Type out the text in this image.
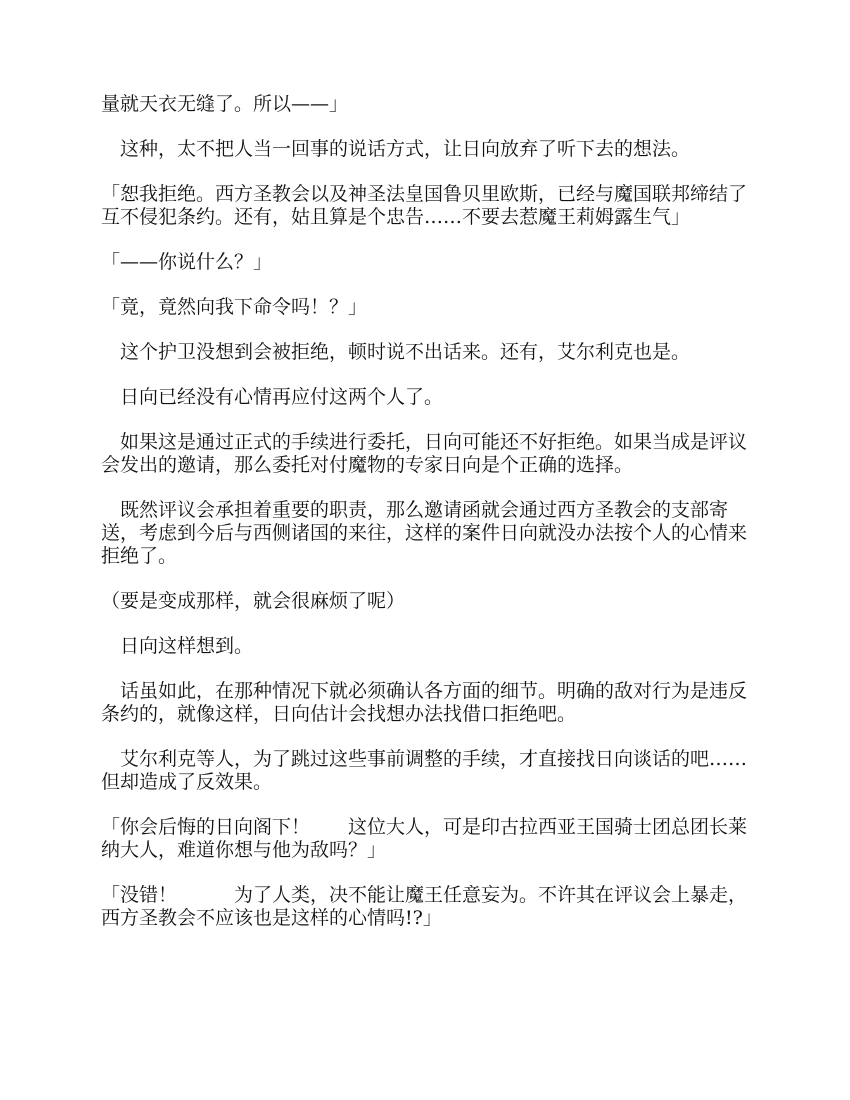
量就天衣无缝了。所以——」

　这种，太不把人当一回事的说话方式，让日向放弃了听下去的想法。

「恕我拒绝。西方圣教会以及神圣法皇国鲁贝里欧斯，已经与魔国联邦缔结了互不侵犯条约。还有，姑且算是个忠告……不要去惹魔王莉姆露生气」

「——你说什么？」

「竟，竟然向我下命令吗！？」

　这个护卫没想到会被拒绝，顿时说不出话来。还有，艾尔利克也是。

　日向已经没有心情再应付这两个人了。

　如果这是通过正式的手续进行委托，日向可能还不好拒绝。如果当成是评议会发出的邀请，那么委托对付魔物的专家日向是个正确的选择。

　既然评议会承担着重要的职责，那么邀请函就会通过西方圣教会的支部寄送，考虑到今后与西侧诸国的来往，这样的案件日向就没办法按个人的心情来拒绝了。

（要是变成那样，就会很麻烦了呢）

　日向这样想到。

　话虽如此，在那种情况下就必须确认各方面的细节。明确的敌对行为是违反条约的，就像这样，日向估计会找想办法找借口拒绝吧。

　艾尔利克等人，为了跳过这些事前调整的手续，才直接找日向谈话的吧……但却造成了反效果。

「你会后悔的日向阁下！　　这位大人，可是印古拉西亚王国骑士团总团长莱纳大人，难道你想与他为敌吗？」

「没错！　　　为了人类，决不能让魔王任意妄为。不许其在评议会上暴走，西方圣教会不应该也是这样的心情吗!?」
